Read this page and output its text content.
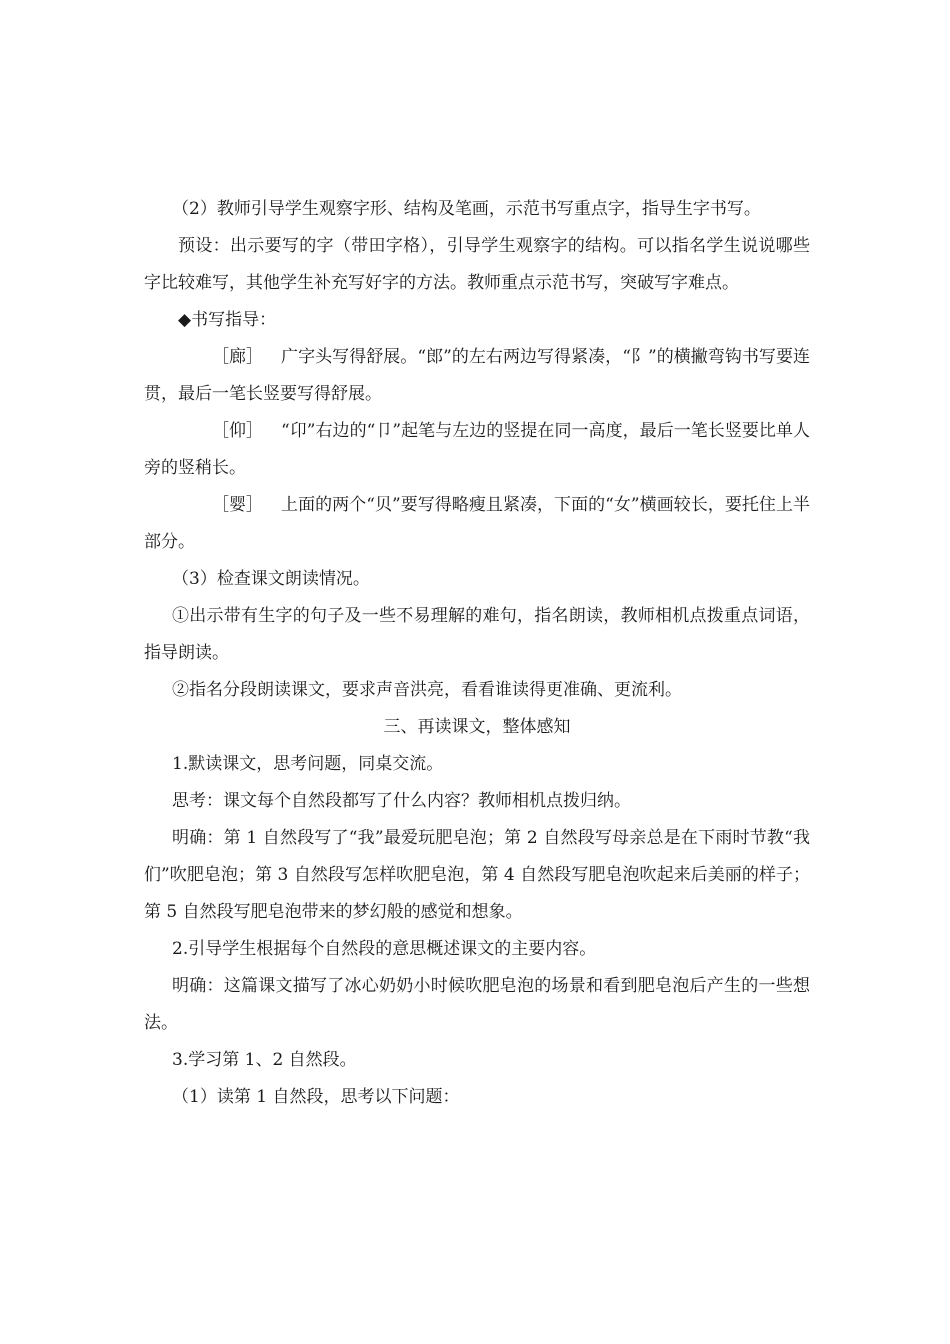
（2）教师引导学生观察字形、结构及笔画，示范书写重点字，指导生字书写。

预设：出示要写的字（带田字格），引导学生观察字的结构。可以指名学生说说哪些字比较难写，其他学生补充写好字的方法。教师重点示范书写，突破写字难点。

◆书写指导：

［廊］ 广字头写得舒展。“郎”的左右两边写得紧凑，“阝”的横撇弯钩书写要连贯，最后一笔长竖要写得舒展。

［仰］ “卬”右边的“卩”起笔与左边的竖提在同一高度，最后一笔长竖要比单人旁的竖稍长。

［婴］ 上面的两个“贝”要写得略瘦且紧凑，下面的“女”横画较长，要托住上半部分。

（3）检查课文朗读情况。

①出示带有生字的句子及一些不易理解的难句，指名朗读，教师相机点拨重点词语，指导朗读。

②指名分段朗读课文，要求声音洪亮，看看谁读得更准确、更流利。

三、再读课文，整体感知

1.默读课文，思考问题，同桌交流。

思考：课文每个自然段都写了什么内容？教师相机点拨归纳。

明确：第 1 自然段写了“我”最爱玩肥皂泡；第 2 自然段写母亲总是在下雨时节教“我们”吹肥皂泡；第 3 自然段写怎样吹肥皂泡，第 4 自然段写肥皂泡吹起来后美丽的样子；第 5 自然段写肥皂泡带来的梦幻般的感觉和想象。

2.引导学生根据每个自然段的意思概述课文的主要内容。

明确：这篇课文描写了冰心奶奶小时候吹肥皂泡的场景和看到肥皂泡后产生的一些想法。

3.学习第 1、2 自然段。

（1）读第 1 自然段，思考以下问题：
